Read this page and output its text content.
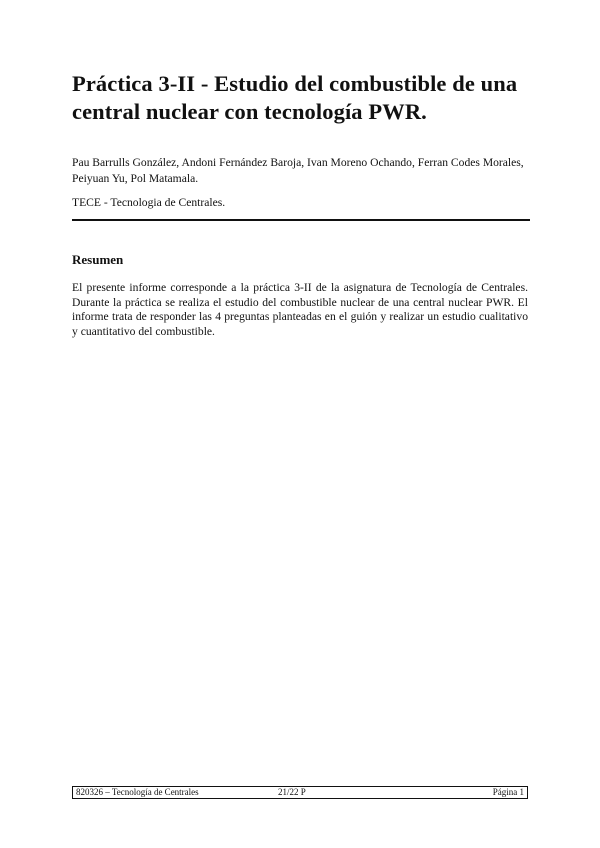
Práctica 3-II - Estudio del combustible de una central nuclear con tecnología PWR.

Pau Barrulls González, Andoni Fernández Baroja, Ivan Moreno Ochando, Ferran Codes Morales, Peiyuan Yu, Pol Matamala.

TECE - Tecnologia de Centrales.

Resumen

El presente informe corresponde a la práctica 3-II de la asignatura de Tecnología de Centrales. Durante la práctica se realiza el estudio del combustible nuclear de una central nuclear PWR. El informe trata de responder las 4 preguntas planteadas en el guión y realizar un estudio cualitativo y cuantitativo del combustible.

820326 – Tecnología de Centrales	21/22 P	Página 1
